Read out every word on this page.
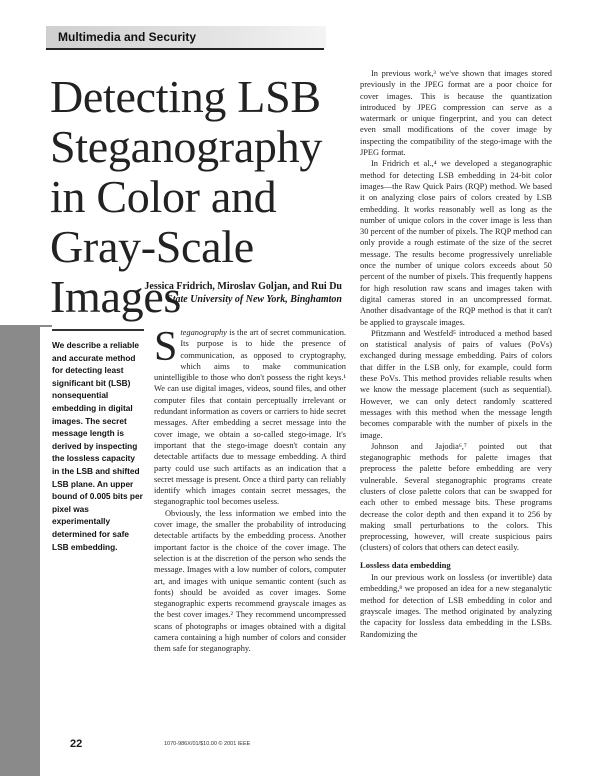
Multimedia and Security
Detecting LSB Steganography in Color and Gray-Scale Images
Jessica Fridrich, Miroslav Goljan, and Rui Du
State University of New York, Binghamton

We describe a reliable and accurate method for detecting least significant bit (LSB) nonsequential embedding in digital images. The secret message length is derived by inspecting the lossless capacity in the LSB and shifted LSB plane. An upper bound of 0.005 bits per pixel was experimentally determined for safe LSB embedding.

Steganography is the art of secret communication. Its purpose is to hide the presence of communication, as opposed to cryptography, which aims to make communication unintelligible to those who don't possess the right keys.¹ We can use digital images, videos, sound files, and other computer files that contain perceptually irrelevant or redundant information as covers or carriers to hide secret messages. After embedding a secret message into the cover image, we obtain a so-called stego-image. It's important that the stego-image doesn't contain any detectable artifacts due to message embedding. A third party could use such artifacts as an indication that a secret message is present. Once a third party can reliably identify which images contain secret messages, the steganographic tool becomes useless.

Obviously, the less information we embed into the cover image, the smaller the probability of introducing detectable artifacts by the embedding process. Another important factor is the choice of the cover image. The selection is at the discretion of the person who sends the message. Images with a low number of colors, computer art, and images with unique semantic content (such as fonts) should be avoided as cover images. Some steganographic experts recommend grayscale images as the best cover images.² They recommend uncompressed scans of photographs or images obtained with a digital camera containing a high number of colors and consider them safe for steganography.

In previous work,³ we've shown that images stored previously in the JPEG format are a poor choice for cover images. This is because the quantization introduced by JPEG compression can serve as a watermark or unique fingerprint, and you can detect even small modifications of the cover image by inspecting the compatibility of the stego-image with the JPEG format.

In Fridrich et al.,⁴ we developed a steganographic method for detecting LSB embedding in 24-bit color images—the Raw Quick Pairs (RQP) method. We based it on analyzing close pairs of colors created by LSB embedding. It works reasonably well as long as the number of unique colors in the cover image is less than 30 percent of the number of pixels. The RQP method can only provide a rough estimate of the size of the secret message. The results become progressively unreliable once the number of unique colors exceeds about 50 percent of the number of pixels. This frequently happens for high resolution raw scans and images taken with digital cameras stored in an uncompressed format. Another disadvantage of the RQP method is that it can't be applied to grayscale images.

Pfitzmann and Westfeld⁵ introduced a method based on statistical analysis of pairs of values (PoVs) exchanged during message embedding. Pairs of colors that differ in the LSB only, for example, could form these PoVs. This method provides reliable results when we know the message placement (such as sequential). However, we can only detect randomly scattered messages with this method when the message length becomes comparable with the number of pixels in the image.

Johnson and Jajodia⁶,⁷ pointed out that steganographic methods for palette images that preprocess the palette before embedding are very vulnerable. Several steganographic programs create clusters of close palette colors that can be swapped for each other to embed message bits. These programs decrease the color depth and then expand it to 256 by making small perturbations to the colors. This preprocessing, however, will create suspicious pairs (clusters) of colors that others can detect easily.

Lossless data embedding

In our previous work on lossless (or invertible) data embedding,⁸ we proposed an idea for a new steganalytic method for detection of LSB embedding in color and grayscale images. The method originated by analyzing the capacity for lossless data embedding in the LSBs. Randomizing the

22	1070-986X/01/$10.00 © 2001 IEEE
